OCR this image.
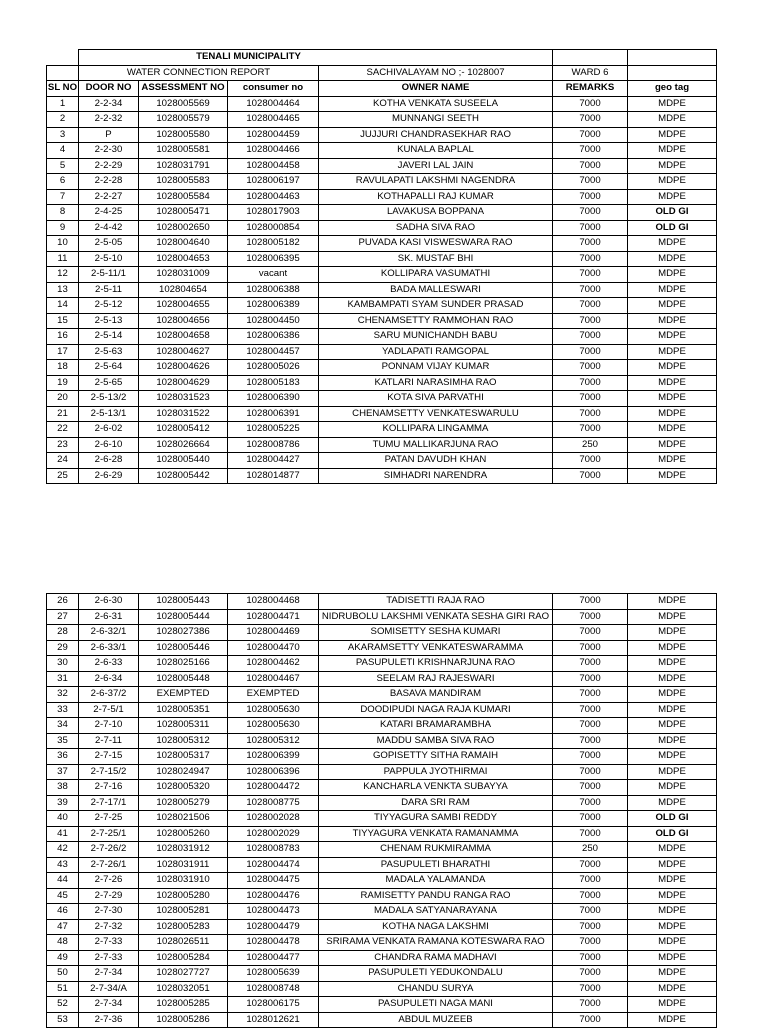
		TENALI MUNICIPALITY				
	WATER CONNECTION REPORT			SACHIVALAYAM NO ;- 1028007	WARD 6	
SL NO	DOOR NO	ASSESSMENT NO	consumer no	OWNER NAME	REMARKS	geo tag
1	2-2-34	1028005569	1028004464	KOTHA VENKATA SUSEELA	7000	MDPE
2	2-2-32	1028005579	1028004465	MUNNANGI SEETH	7000	MDPE
3	P	1028005580	1028004459	JUJJURI CHANDRASEKHAR RAO	7000	MDPE
4	2-2-30	1028005581	1028004466	KUNALA BAPLAL	7000	MDPE
5	2-2-29	1028031791	1028004458	JAVERI LAL JAIN	7000	MDPE
6	2-2-28	1028005583	1028006197	RAVULAPATI LAKSHMI NAGENDRA	7000	MDPE
7	2-2-27	1028005584	1028004463	KOTHAPALLI RAJ KUMAR	7000	MDPE
8	2-4-25	1028005471	1028017903	LAVAKUSA BOPPANA	7000	OLD GI
9	2-4-42	1028002650	1028000854	SADHA SIVA RAO	7000	OLD GI
10	2-5-05	1028004640	1028005182	PUVADA KASI VISWESWARA RAO	7000	MDPE
11	2-5-10	1028004653	1028006395	SK. MUSTAF BHI	7000	MDPE
12	2-5-11/1	1028031009	vacant	KOLLIPARA VASUMATHI	7000	MDPE
13	2-5-11	102804654	1028006388	BADA MALLESWARI	7000	MDPE
14	2-5-12	1028004655	1028006389	KAMBAMPATI SYAM SUNDER PRASAD	7000	MDPE
15	2-5-13	1028004656	1028004450	CHENAMSETTY RAMMOHAN RAO	7000	MDPE
16	2-5-14	1028004658	1028006386	SARU MUNICHANDH BABU	7000	MDPE
17	2-5-63	1028004627	1028004457	YADLAPATI RAMGOPAL	7000	MDPE
18	2-5-64	1028004626	1028005026	PONNAM VIJAY KUMAR	7000	MDPE
19	2-5-65	1028004629	1028005183	KATLARI NARASIMHA RAO	7000	MDPE
20	2-5-13/2	1028031523	1028006390	KOTA SIVA PARVATHI	7000	MDPE
21	2-5-13/1	1028031522	1028006391	CHENAMSETTY VENKATESWARULU	7000	MDPE
22	2-6-02	1028005412	1028005225	KOLLIPARA LINGAMMA	7000	MDPE
23	2-6-10	1028026664	1028008786	TUMU MALLIKARJUNA RAO	250	MDPE
24	2-6-28	1028005440	1028004427	PATAN DAVUDH KHAN	7000	MDPE
25	2-6-29	1028005442	1028014877	SIMHADRI NARENDRA	7000	MDPE
26	2-6-30	1028005443	1028004468	TADISETTI RAJA RAO	7000	MDPE
27	2-6-31	1028005444	1028004471	NIDRUBOLU LAKSHMI VENKATA SESHA GIRI RAO	7000	MDPE
28	2-6-32/1	1028027386	1028004469	SOMISETTY SESHA KUMARI	7000	MDPE
29	2-6-33/1	1028005446	1028004470	AKARAMSETTY VENKATESWARAMMA	7000	MDPE
30	2-6-33	1028025166	1028004462	PASUPULETI KRISHNARJUNA RAO	7000	MDPE
31	2-6-34	1028005448	1028004467	SEELAM RAJ RAJESWARI	7000	MDPE
32	2-6-37/2	EXEMPTED	EXEMPTED	BASAVA MANDIRAM	7000	MDPE
33	2-7-5/1	1028005351	1028005630	DOODIPUDI NAGA RAJA KUMARI	7000	MDPE
34	2-7-10	1028005311	1028005630	KATARI BRAMARAMBHA	7000	MDPE
35	2-7-11	1028005312	1028005312	MADDU SAMBA SIVA RAO	7000	MDPE
36	2-7-15	1028005317	1028006399	GOPISETTY SITHA RAMAIH	7000	MDPE
37	2-7-15/2	1028024947	1028006396	PAPPULA JYOTHIRMAI	7000	MDPE
38	2-7-16	1028005320	1028004472	KANCHARLA VENKTA SUBAYYA	7000	MDPE
39	2-7-17/1	1028005279	1028008775	DARA SRI RAM	7000	MDPE
40	2-7-25	1028021506	1028002028	TIYYAGURA SAMBI REDDY	7000	OLD GI
41	2-7-25/1	1028005260	1028002029	TIYYAGURA VENKATA RAMANAMMA	7000	OLD GI
42	2-7-26/2	1028031912	1028008783	CHENAM RUKMIRAMMA	250	MDPE
43	2-7-26/1	1028031911	1028004474	PASUPULETI BHARATHI	7000	MDPE
44	2-7-26	1028031910	1028004475	MADALA YALAMANDA	7000	MDPE
45	2-7-29	1028005280	1028004476	RAMISETTY PANDU RANGA RAO	7000	MDPE
46	2-7-30	1028005281	1028004473	MADALA SATYANARAYANA	7000	MDPE
47	2-7-32	1028005283	1028004479	KOTHA NAGA LAKSHMI	7000	MDPE
48	2-7-33	1028026511	1028004478	SRIRAMA VENKATA RAMANA KOTESWARA RAO	7000	MDPE
49	2-7-33	1028005284	1028004477	CHANDRA RAMA MADHAVI	7000	MDPE
50	2-7-34	1028027727	1028005639	PASUPULETI YEDUKONDALU	7000	MDPE
51	2-7-34/A	1028032051	1028008748	CHANDU SURYA	7000	MDPE
52	2-7-34	1028005285	1028006175	PASUPULETI NAGA MANI	7000	MDPE
53	2-7-36	1028005286	1028012621	ABDUL MUZEEB	7000	MDPE
